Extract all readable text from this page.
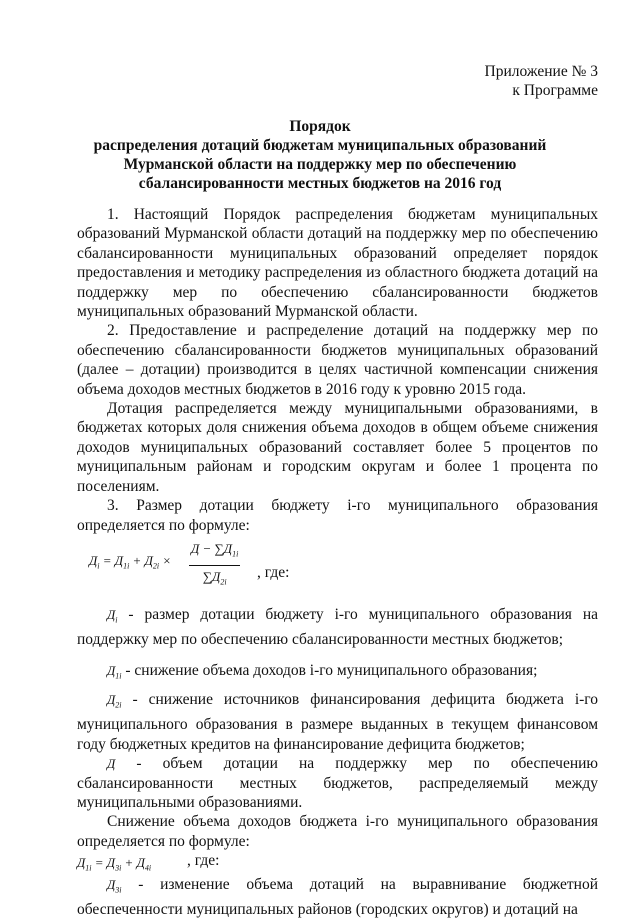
Приложение № 3
к Программе
Порядок
распределения дотаций бюджетам муниципальных образований
Мурманской области на поддержку мер по обеспечению
сбалансированности местных бюджетов на 2016 год

1. Настоящий Порядок распределения бюджетам муниципальных образований Мурманской области дотаций на поддержку мер по обеспечению сбалансированности муниципальных образований определяет порядок предоставления и методику распределения из областного бюджета дотаций на поддержку мер по обеспечению сбалансированности бюджетов муниципальных образований Мурманской области.

2. Предоставление и распределение дотаций на поддержку мер по обеспечению сбалансированности бюджетов муниципальных образований (далее – дотации) производится в целях частичной компенсации снижения объема доходов местных бюджетов в 2016 году к уровню 2015 года.

Дотация распределяется между муниципальными образованиями, в бюджетах которых доля снижения объема доходов в общем объеме снижения доходов муниципальных образований составляет более 5 процентов по муниципальным районам и городским округам и более 1 процента по поселениям.

3. Размер дотации бюджету i-го муниципального образования определяется по формуле:

$Д_i = Д_{1i} + Д_{2i}$ ×
$Д - \sum Д_{1i}$
$\sum Д_{2i}$
, где:

$Д_i$ - размер дотации бюджету i-го муниципального образования на поддержку мер по обеспечению сбалансированности местных бюджетов;

$Д_{1i}$ - снижение объема доходов i-го муниципального образования;

$Д_{2i}$ - снижение источников финансирования дефицита бюджета i-го муниципального образования в размере выданных в текущем финансовом году бюджетных кредитов на финансирование дефицита бюджетов;

Д - объем дотации на поддержку мер по обеспечению сбалансированности местных бюджетов, распределяемый между муниципальными образованиями.

Снижение объема доходов бюджета i-го муниципального образования определяется по формуле:

$Д_{1i} = Д_{3i} + Д_{4i}$ , где:

$Д_{3i}$ - изменение объема дотаций на выравнивание бюджетной обеспеченности муниципальных районов (городских округов) и дотаций на
